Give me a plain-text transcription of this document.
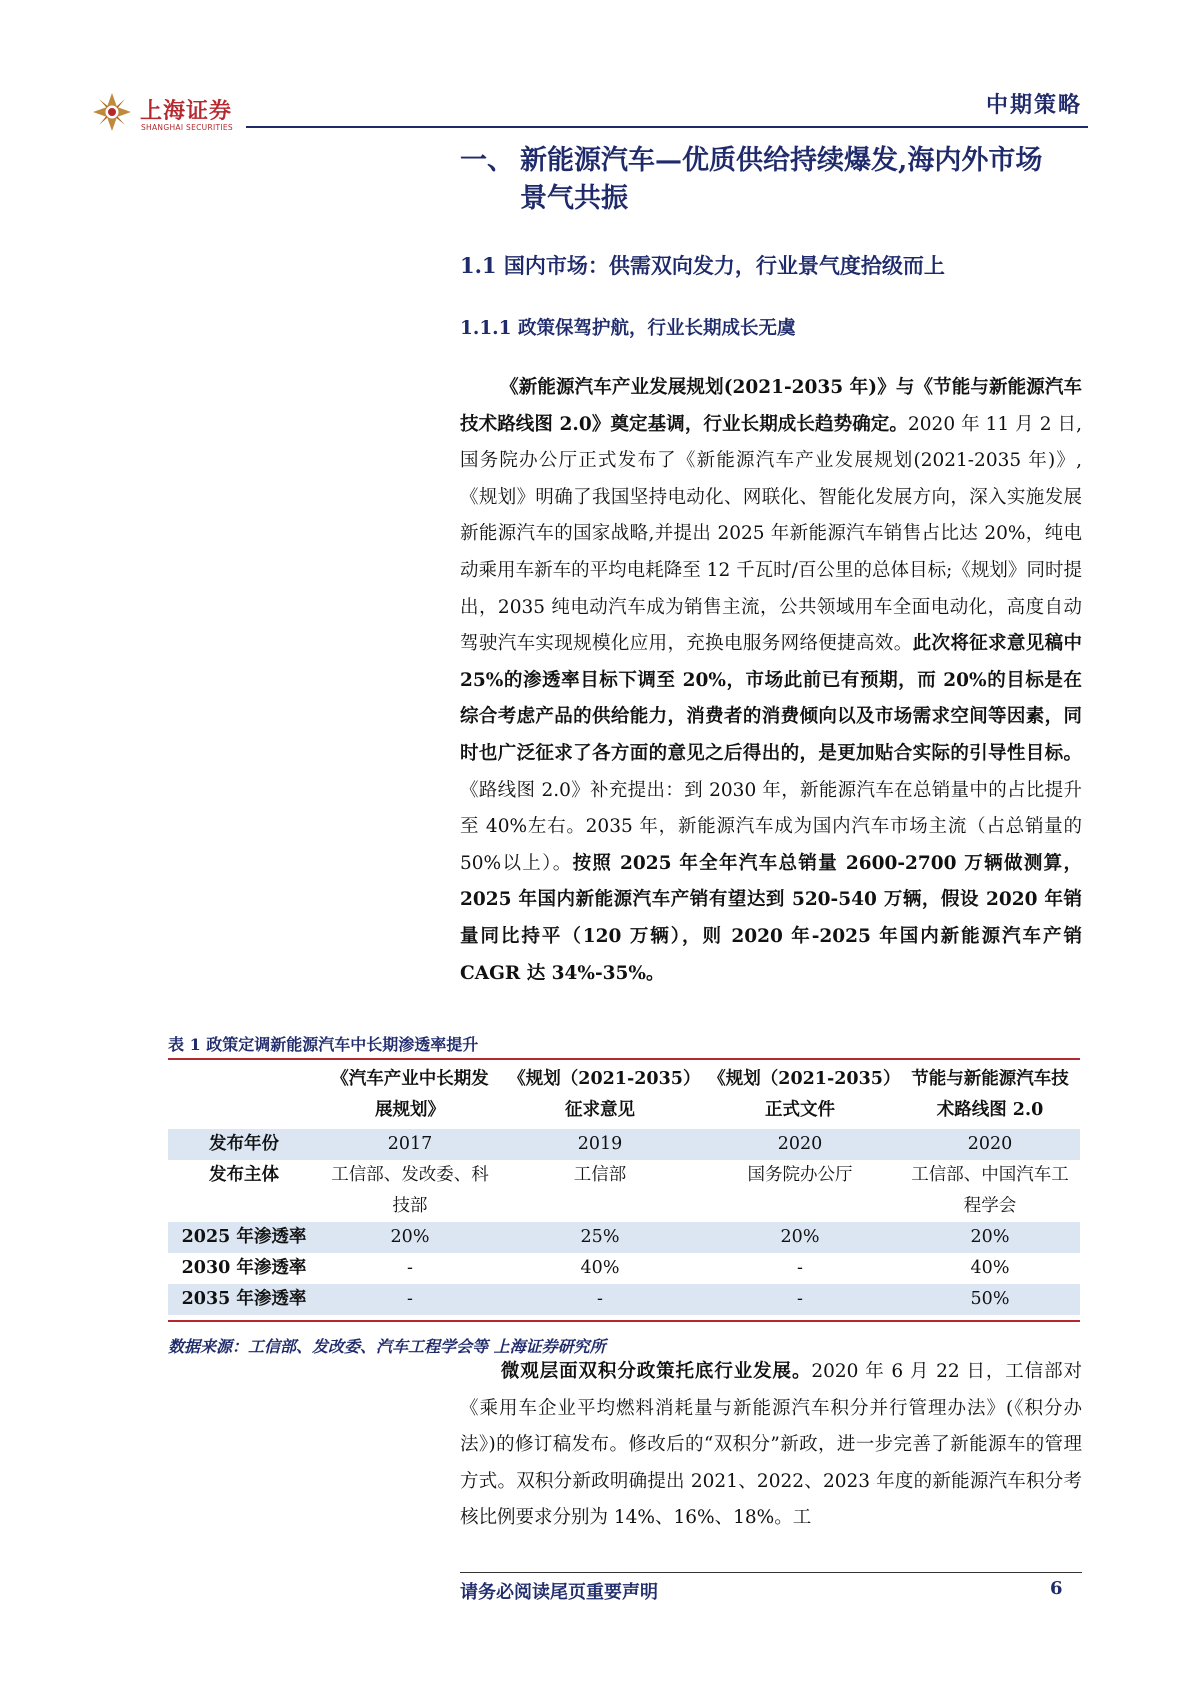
上海证券
SHANGHAI SECURITIES
中期策略
一、 新能源汽车—优质供给持续爆发,海内外市场
景气共振
1.1 国内市场：供需双向发力，行业景气度拾级而上
1.1.1 政策保驾护航，行业长期成长无虞

《新能源汽车产业发展规划(2021-2035 年)》与《节能与新能源汽车技术路线图 2.0》奠定基调，行业长期成长趋势确定。2020 年 11 月 2 日,国务院办公厅正式发布了《新能源汽车产业发展规划(2021-2035 年)》,《规划》明确了我国坚持电动化、网联化、智能化发展方向，深入实施发展新能源汽车的国家战略,并提出 2025 年新能源汽车销售占比达 20%，纯电动乘用车新车的平均电耗降至 12 千瓦时/百公里的总体目标;《规划》同时提出，2035 纯电动汽车成为销售主流，公共领域用车全面电动化，高度自动驾驶汽车实现规模化应用，充换电服务网络便捷高效。此次将征求意见稿中 25%的渗透率目标下调至 20%，市场此前已有预期，而 20%的目标是在综合考虑产品的供给能力，消费者的消费倾向以及市场需求空间等因素，同时也广泛征求了各方面的意见之后得出的，是更加贴合实际的引导性目标。《路线图 2.0》补充提出：到 2030 年，新能源汽车在总销量中的占比提升至 40%左右。2035 年，新能源汽车成为国内汽车市场主流（占总销量的 50%以上）。按照 2025 年全年汽车总销量 2600-2700 万辆做测算，2025 年国内新能源汽车产销有望达到 520-540 万辆，假设 2020 年销量同比持平（120 万辆），则 2020 年-2025 年国内新能源汽车产销 CAGR 达 34%-35%。

表 1 政策定调新能源汽车中长期渗透率提升
	《汽车产业中长期发展规划》	《规划（2021-2035）征求意见	《规划（2021-2035）正式文件	节能与新能源汽车技术路线图 2.0
发布年份	2017	2019	2020	2020
发布主体	工信部、发改委、科技部	工信部	国务院办公厅	工信部、中国汽车工程学会
2025 年渗透率	20%	25%	20%	20%
2030 年渗透率	-	40%	-	40%
2035 年渗透率	-	-	-	50%
数据来源：工信部、发改委、汽车工程学会等 上海证券研究所

微观层面双积分政策托底行业发展。2020 年 6 月 22 日，工信部对《乘用车企业平均燃料消耗量与新能源汽车积分并行管理办法》(《积分办法》)的修订稿发布。修改后的“双积分”新政，进一步完善了新能源车的管理方式。双积分新政明确提出 2021、2022、2023 年度的新能源汽车积分考核比例要求分别为 14%、16%、18%。工

请务必阅读尾页重要声明	6
